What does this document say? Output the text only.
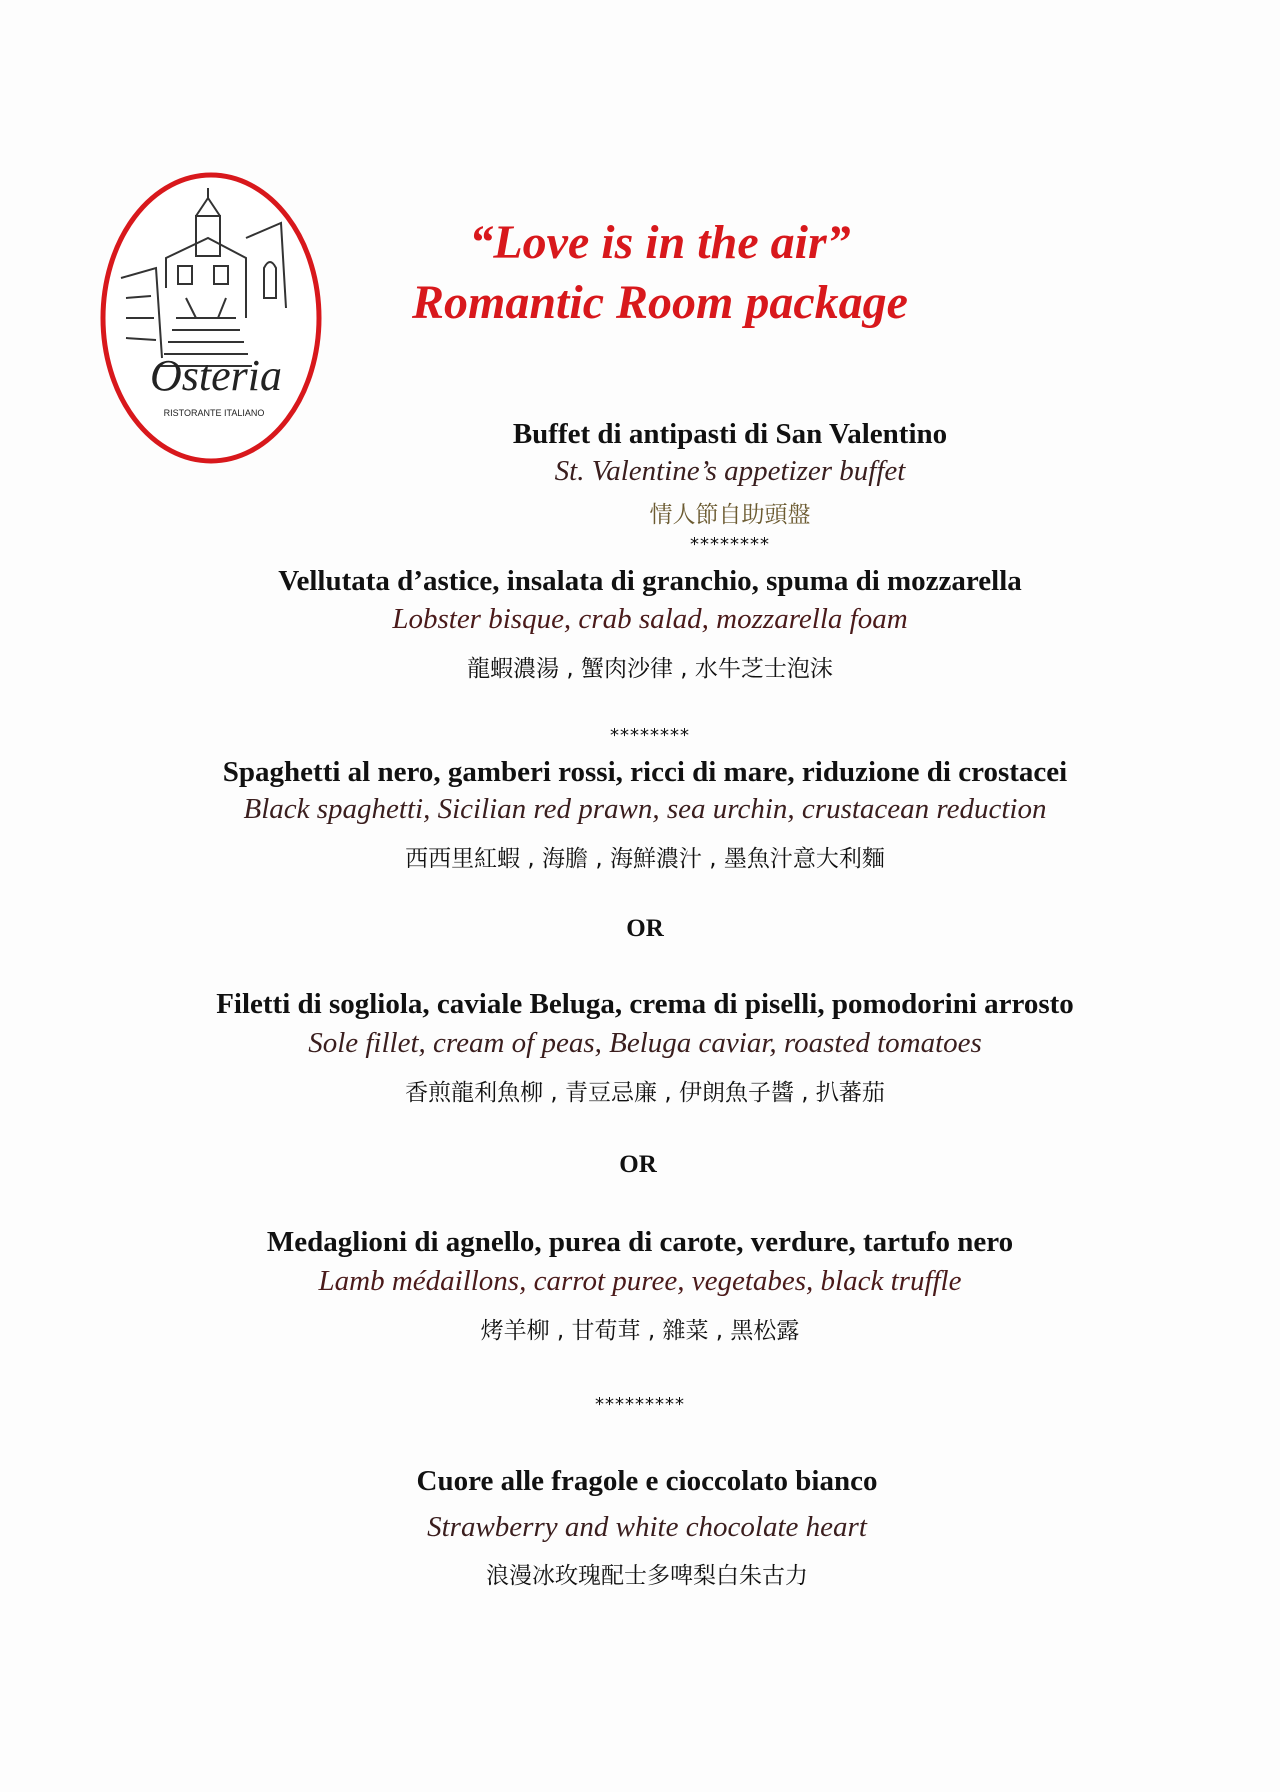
Osteria
RISTORANTE ITALIANO
“Love is in the air”
Romantic Room package
Buffet di antipasti di San Valentino
St. Valentine’s appetizer buffet
情人節自助頭盤
********
Vellutata d’astice, insalata di granchio, spuma di mozzarella
Lobster bisque, crab salad, mozzarella foam
龍蝦濃湯 , 蟹肉沙律 , 水牛芝士泡沫
********
Spaghetti al nero, gamberi rossi, ricci di mare, riduzione di crostacei
Black spaghetti, Sicilian red prawn, sea urchin, crustacean reduction
西西里紅蝦 , 海膽 , 海鮮濃汁 , 墨魚汁意大利麵
OR
Filetti di sogliola, caviale Beluga, crema di piselli, pomodorini arrosto
Sole fillet, cream of peas, Beluga caviar, roasted tomatoes
香煎龍利魚柳 , 青豆忌廉 , 伊朗魚子醬 , 扒蕃茄
OR
Medaglioni di agnello, purea di carote, verdure, tartufo nero
Lamb médaillons, carrot puree, vegetabes, black truffle
烤羊柳 , 甘荀茸 , 雜菜 , 黑松露
*********
Cuore alle fragole e cioccolato bianco
Strawberry and white chocolate heart
浪漫冰玫瑰配士多啤梨白朱古力
